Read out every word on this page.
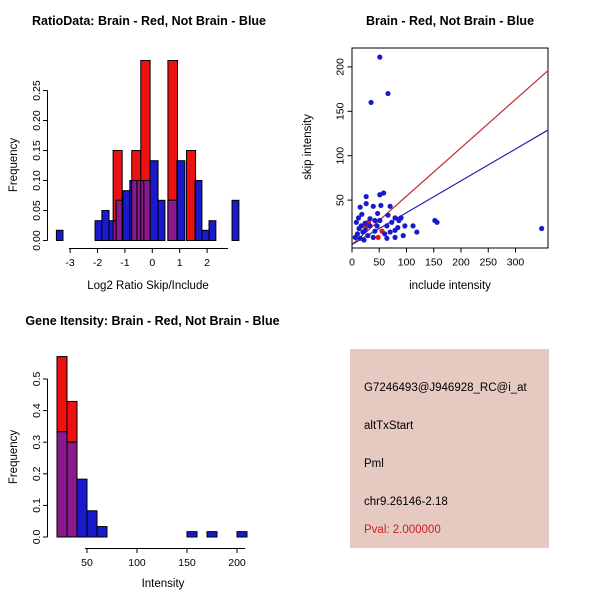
-3 -2 -1 0 1 2
0.00
0.05
0.10
0.15
0.20
0.25
50	100	150	200
0.0
0.1
0.2
0.3
0.4
0.5
0 50 100 150 200 250 300
50
100
150
200
RatioData: Brain - Red, Not Brain - Blue	Brain - Red, Not Brain - Blue
Gene Itensity: Brain - Red, Not Brain - Blue
Frequency
Log2 Ratio Skip/Include
skip intensity
include intensity
Frequency
Intensity
G7246493@J946928_RC@i_at
altTxStart
Pml
chr9.26146-2.18
Pval: 2.000000
